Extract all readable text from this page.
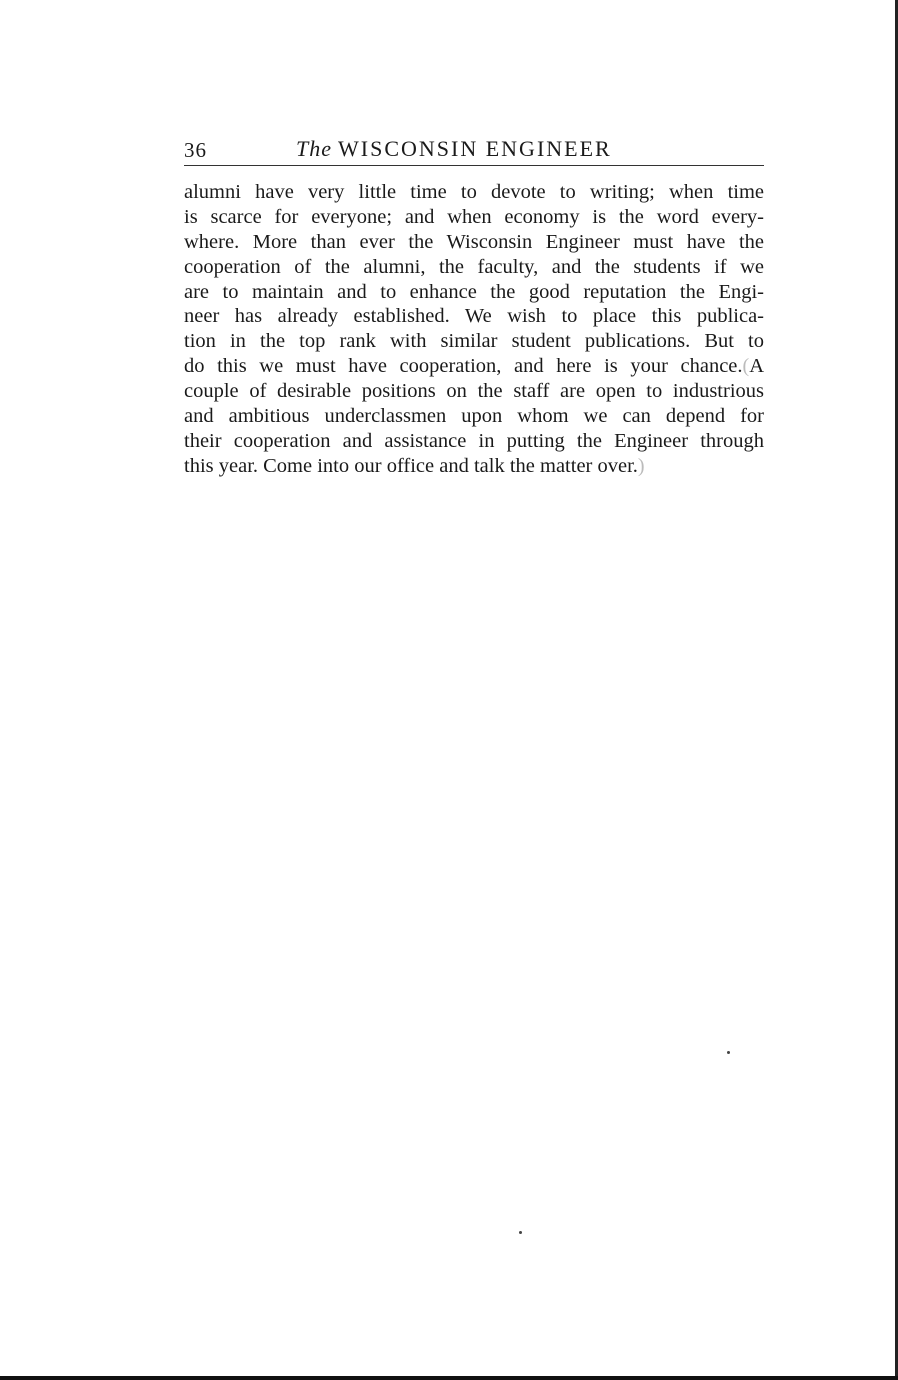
36	The WISCONSIN ENGINEER
alumni have very little time to devote to writing; when time
is scarce for everyone; and when economy is the word every-
where. More than ever the Wisconsin Engineer must have the
cooperation of the alumni, the faculty, and the students if we
are to maintain and to enhance the good reputation the Engi-
neer has already established. We wish to place this publica-
tion in the top rank with similar student publications. But to
do this we must have cooperation, and here is your chance.(A
couple of desirable positions on the staff are open to industrious
and ambitious underclassmen upon whom we can depend for
their cooperation and assistance in putting the Engineer through
this year. Come into our office and talk the matter over.)
